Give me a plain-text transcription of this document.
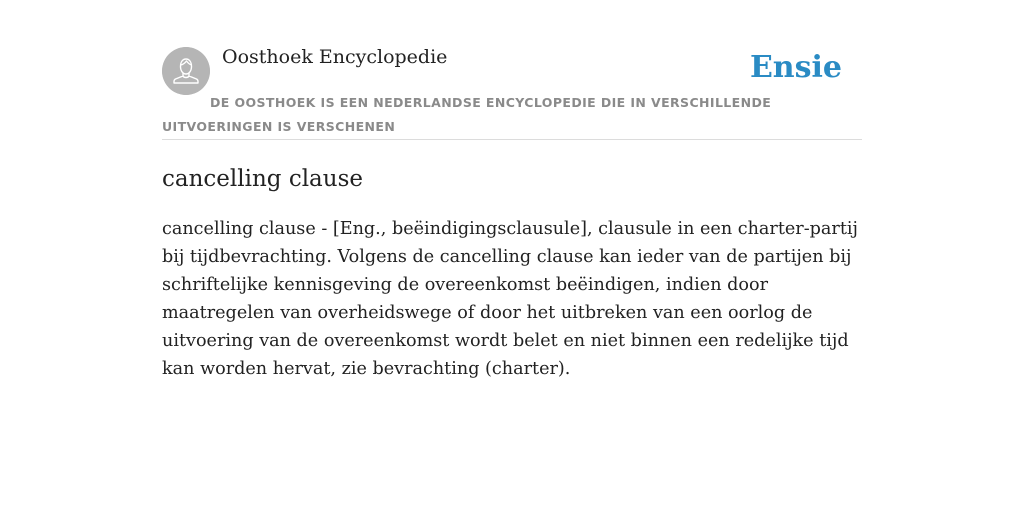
Oosthoek Encyclopedie	Ensie
DE OOSTHOEK IS EEN NEDERLANDSE ENCYCLOPEDIE DIE IN VERSCHILLENDE UITVOERINGEN IS VERSCHENEN
cancelling clause

cancelling clause - [Eng., beëindigingsclausule], clausule in een charter-partij bij tijdbevrachting. Volgens de cancelling clause kan ieder van de partijen bij schriftelijke kennisgeving de overeenkomst beëindigen, indien door maatregelen van overheidswege of door het uitbreken van een oorlog de uitvoering van de overeenkomst wordt belet en niet binnen een redelijke tijd kan worden hervat, zie bevrachting (charter).
